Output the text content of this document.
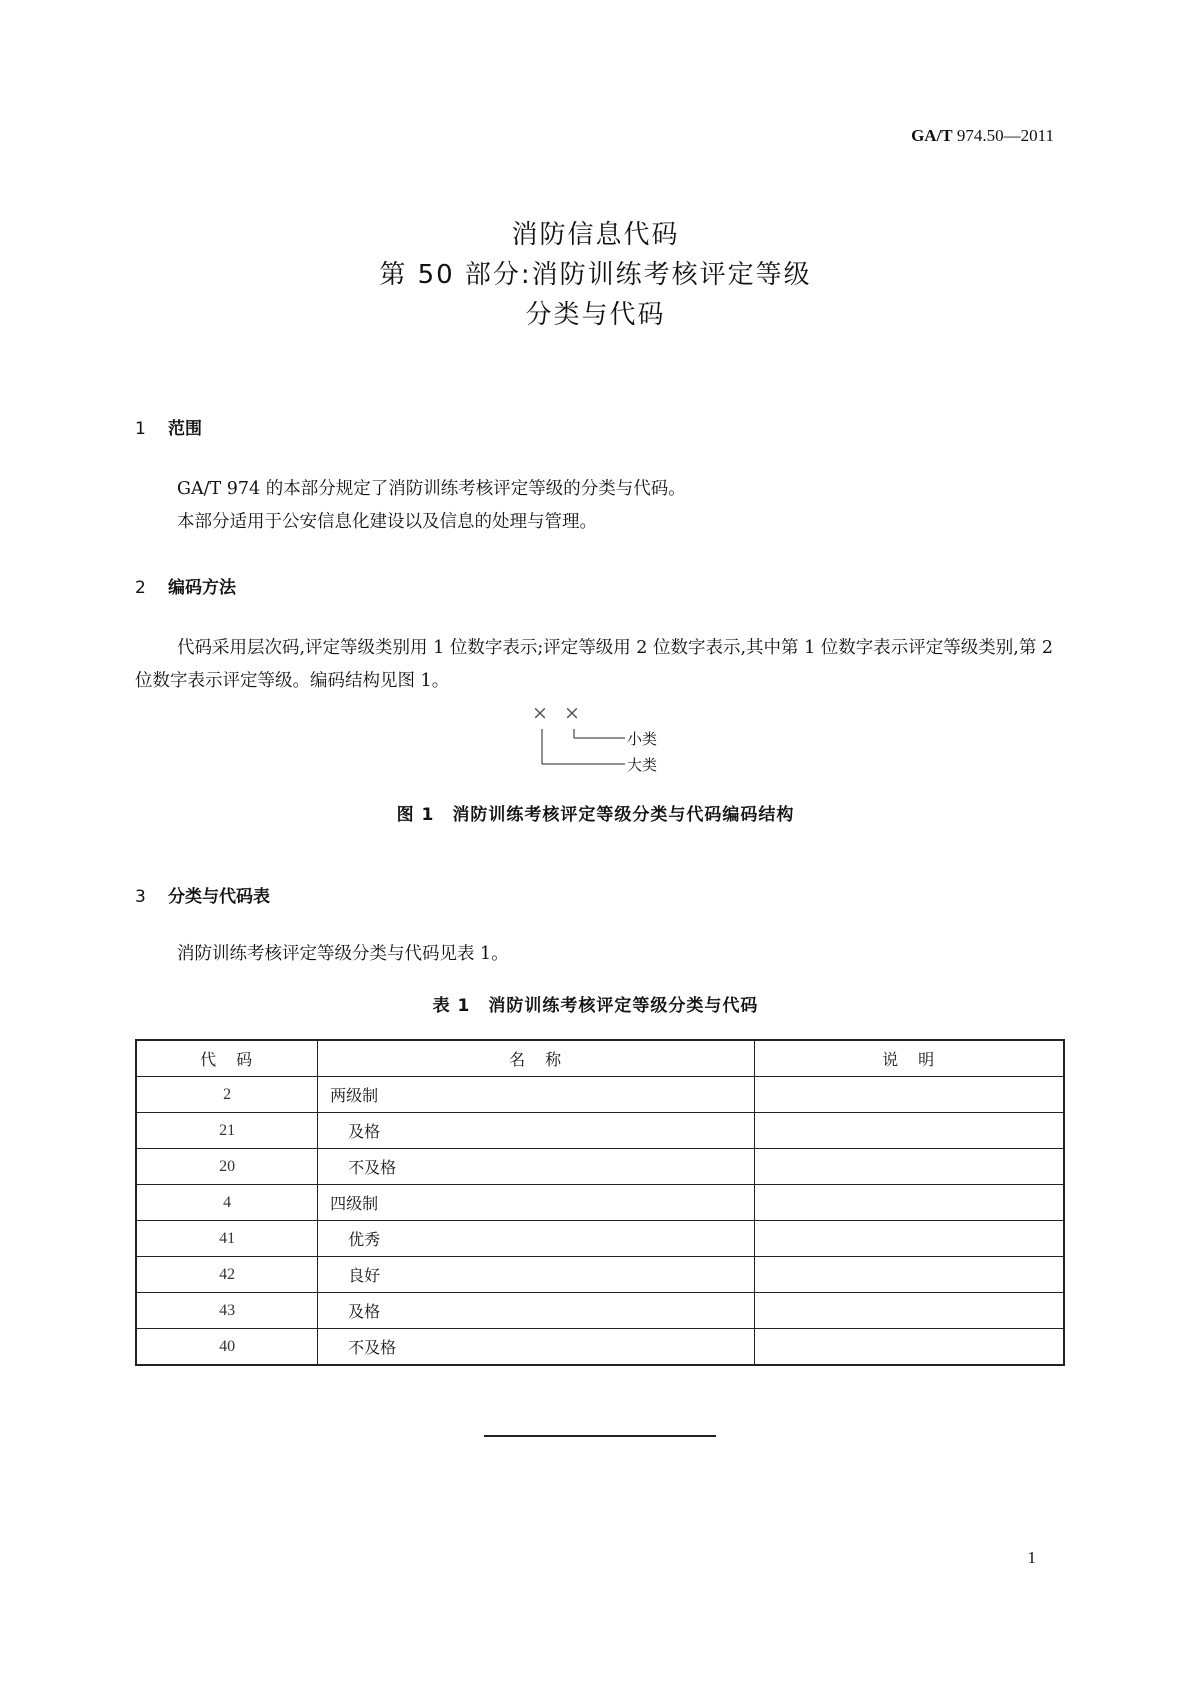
GA/T 974.50—2011
消防信息代码
第 50 部分:消防训练考核评定等级
分类与代码
1 范围
GA/T 974 的本部分规定了消防训练考核评定等级的分类与代码。
本部分适用于公安信息化建设以及信息的处理与管理。
2 编码方法
代码采用层次码,评定等级类别用 1 位数字表示;评定等级用 2 位数字表示,其中第 1 位数字表示评定等级类别,第 2 位数字表示评定等级。编码结构见图 1。
× ×
小类
大类
图 1　消防训练考核评定等级分类与代码编码结构
3 分类与代码表
消防训练考核评定等级分类与代码见表 1。
表 1　消防训练考核评定等级分类与代码
代　码	名　称	说　明
2	两级制	
21	及格	
20	不及格	
4	四级制	
41	优秀	
42	良好	
43	及格	
40	不及格	
1
